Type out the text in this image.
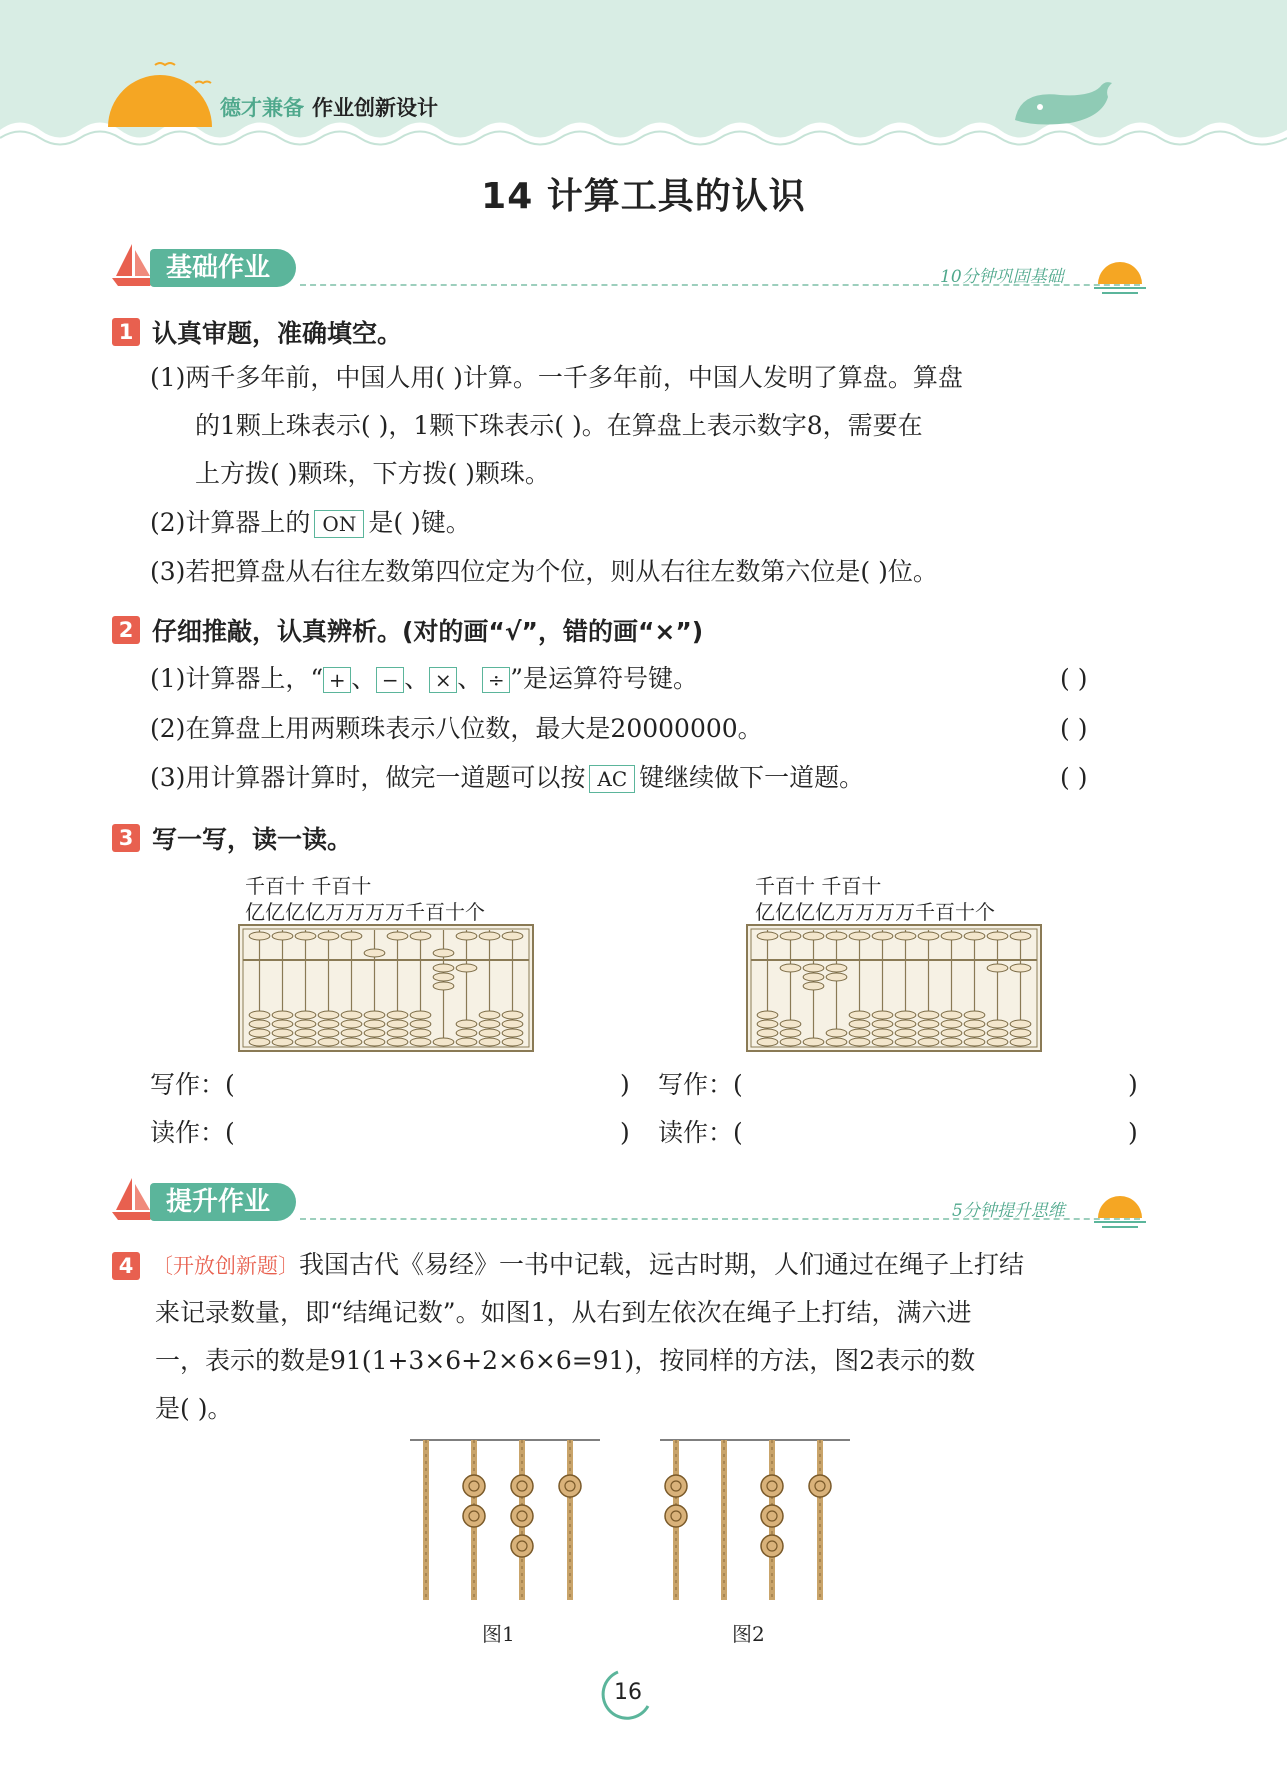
德才兼备 作业创新设计
14 计算工具的认识
基础作业	10分钟巩固基础
1 认真审题，准确填空。
(1)两千多年前，中国人用( )计算。一千多年前，中国人发明了算盘。算盘
的1颗上珠表示( )，1颗下珠表示( )。在算盘上表示数字8，需要在
上方拨( )颗珠，下方拨( )颗珠。
(2)计算器上的 ON 是( )键。
(3)若把算盘从右往左数第四位定为个位，则从右往左数第六位是( )位。
2 仔细推敲，认真辨析。(对的画“√”，错的画“×”)
(1)计算器上，“ + 、 − 、 × 、 ÷ ”是运算符号键。	( )
(2)在算盘上用两颗珠表示八位数，最大是20000000。	( )
(3)用计算器计算时，做完一道题可以按 AC 键继续做下一道题。	( )
3 写一写，读一读。
千百十 千百十
亿亿亿亿万万万万千百十个
千百十 千百十
亿亿亿亿万万万万千百十个
写作：(	) 写作：(	)
读作：(	) 读作：(	)
提升作业	5分钟提升思维
4 〔开放创新题〕我国古代《易经》一书中记载，远古时期，人们通过在绳子上打结
来记录数量，即“结绳记数”。如图1，从右到左依次在绳子上打结，满六进
一，表示的数是91(1+3×6+2×6×6=91)，按同样的方法，图2表示的数
是( )。
图1	图2
16
